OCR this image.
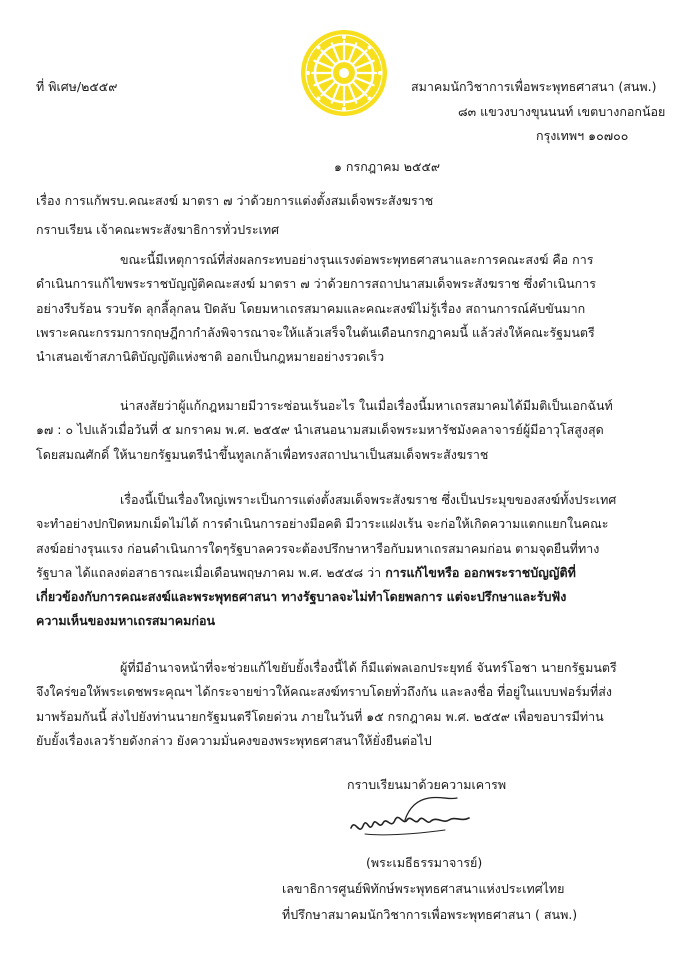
ที่ พิเศษ/๒๕๕๙	สมาคมนักวิชาการเพื่อพระพุทธศาสนา (สนพ.)
๘๓ แขวงบางขุนนนท์ เขตบางกอกน้อย
กรุงเทพฯ ๑๐๗๐๐
๑ กรกฎาคม ๒๕๕๙
เรื่อง การแก้พรบ.คณะสงฆ์ มาตรา ๗ ว่าด้วยการแต่งตั้งสมเด็จพระสังฆราช
กราบเรียน เจ้าคณะพระสังฆาธิการทั่วประเทศ
ขณะนี้มีเหตุการณ์ที่ส่งผลกระทบอย่างรุนแรงต่อพระพุทธศาสนาและการคณะสงฆ์ คือ การ
ดำเนินการแก้ไขพระราชบัญญัติคณะสงฆ์ มาตรา ๗ ว่าด้วยการสถาปนาสมเด็จพระสังฆราช ซึ่งดำเนินการ
อย่างรีบร้อน รวบรัด ลุกลี้ลุกลน ปิดลับ โดยมหาเถรสมาคมและคณะสงฆ์ไม่รู้เรื่อง สถานการณ์คับขันมาก
เพราะคณะกรรมการกฤษฎีกากำลังพิจารณาจะให้แล้วเสร็จในต้นเดือนกรกฎาคมนี้ แล้วส่งให้คณะรัฐมนตรี
นำเสนอเข้าสภานิติบัญญัติแห่งชาติ ออกเป็นกฎหมายอย่างรวดเร็ว
น่าสงสัยว่าผู้แก้กฎหมายมีวาระซ่อนเร้นอะไร ในเมื่อเรื่องนี้มหาเถรสมาคมได้มีมติเป็นเอกฉันท์
๑๗ : ๐ ไปแล้วเมื่อวันที่ ๕ มกราคม พ.ศ. ๒๕๕๙ นำเสนอนามสมเด็จพระมหารัชมังคลาจารย์ผู้มีอาวุโสสูงสุด
โดยสมณศักดิ์ ให้นายกรัฐมนตรีนำขึ้นทูลเกล้าเพื่อทรงสถาปนาเป็นสมเด็จพระสังฆราช
เรื่องนี้เป็นเรื่องใหญ่เพราะเป็นการแต่งตั้งสมเด็จพระสังฆราช ซึ่งเป็นประมุขของสงฆ์ทั้งประเทศ
จะทำอย่างปกปิดหมกเม็ดไม่ได้ การดำเนินการอย่างมีอคติ มีวาระแฝงเร้น จะก่อให้เกิดความแตกแยกในคณะ
สงฆ์อย่างรุนแรง ก่อนดำเนินการใดๆรัฐบาลควรจะต้องปรึกษาหารือกับมหาเถรสมาคมก่อน ตามจุดยืนที่ทาง
รัฐบาล ได้แถลงต่อสาธารณะเมื่อเดือนพฤษภาคม พ.ศ. ๒๕๕๘ ว่า การแก้ไขหรือ ออกพระราชบัญญัติที่
เกี่ยวข้องกับการคณะสงฆ์และพระพุทธศาสนา ทางรัฐบาลจะไม่ทำโดยพลการ แต่จะปรึกษาและรับฟัง
ความเห็นของมหาเถรสมาคมก่อน
ผู้ที่มีอำนาจหน้าที่จะช่วยแก้ไขยับยั้งเรื่องนี้ได้ ก็มีแต่พลเอกประยุทธ์ จันทร์โอชา นายกรัฐมนตรี
จึงใคร่ขอให้พระเดชพระคุณฯ ได้กระจายข่าวให้คณะสงฆ์ทราบโดยทั่วถึงกัน และลงชื่อ ที่อยู่ในแบบฟอร์มที่ส่ง
มาพร้อมกันนี้ ส่งไปยังท่านนายกรัฐมนตรีโดยด่วน ภายในวันที่ ๑๕ กรกฎาคม พ.ศ. ๒๕๕๙ เพื่อขอบารมีท่าน
ยับยั้งเรื่องเลวร้ายดังกล่าว ยังความมั่นคงของพระพุทธศาสนาให้ยั่งยืนต่อไป
กราบเรียนมาด้วยความเคารพ
(พระเมธีธรรมาจารย์)
เลขาธิการศูนย์พิทักษ์พระพุทธศาสนาแห่งประเทศไทย
ที่ปรึกษาสมาคมนักวิชาการเพื่อพระพุทธศาสนา ( สนพ.)
